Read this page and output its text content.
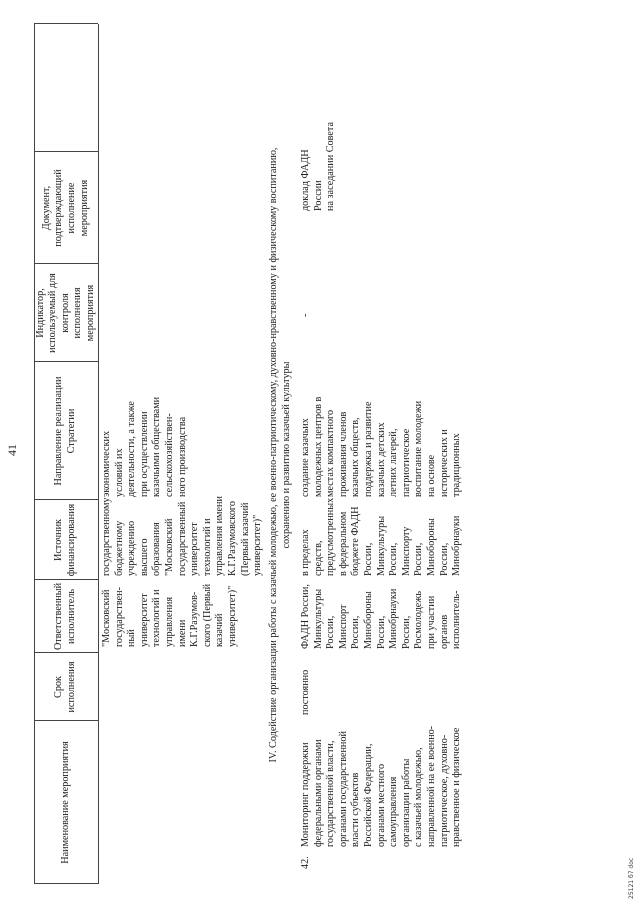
41
Наименование мероприятия
Срок исполнения
Ответственный исполнитель
Источник финансирования
Направление реализации Стратегии
Индикатор, используемый для контроля исполнения мероприятия
Документ, подтверждающий исполнение мероприятия
"Московский
государствен-
ный
университет
технологий и
управления
имени
К.Г.Разумов-
ского (Первый
казачий
университет)"
государственному
бюджетному
учреждению
высшего
образования
"Московский
государственный
университет
технологий и
управления имени
К.Г.Разумовского
(Первый казачий
университет)"
экономических
условий их
деятельности, а также
при осуществлении
казачьими обществами
сельскохозяйствен-
ного производства
IV. Содействие организации работы с казачьей молодежью, ее военно-патриотическому, духовно-нравственному и физическому воспитанию,
сохранению и развитию казачьей культуры
42.
Мониторинг поддержки
федеральными органами
государственной власти,
органами государственной
власти субъектов
Российской Федерации,
органами местного
самоуправления
организации работы
с казачьей молодежью,
направленной на ее военно-
патриотическое, духовно-
нравственное и физическое
постоянно
ФАДН России,
Минкультуры
России,
Минспорт
России,
Минобороны
России,
Минобрнауки
России,
Росмолодежь
при участии
органов
исполнитель-
в пределах
средств,
предусмотренных
в федеральном
бюджете ФАДН
России,
Минкультуры
России,
Минспорту
России,
Минобороны
России,
Минобрнауки
создание казачьих
молодежных центров в
местах компактного
проживания членов
казачьих обществ,
поддержка и развитие
казачьих детских
летних лагерей,
патриотическое
воспитание молодежи
на основе
исторических и
традиционных
-
доклад ФАДН
России
на заседании Совета
25121 б7 doc
